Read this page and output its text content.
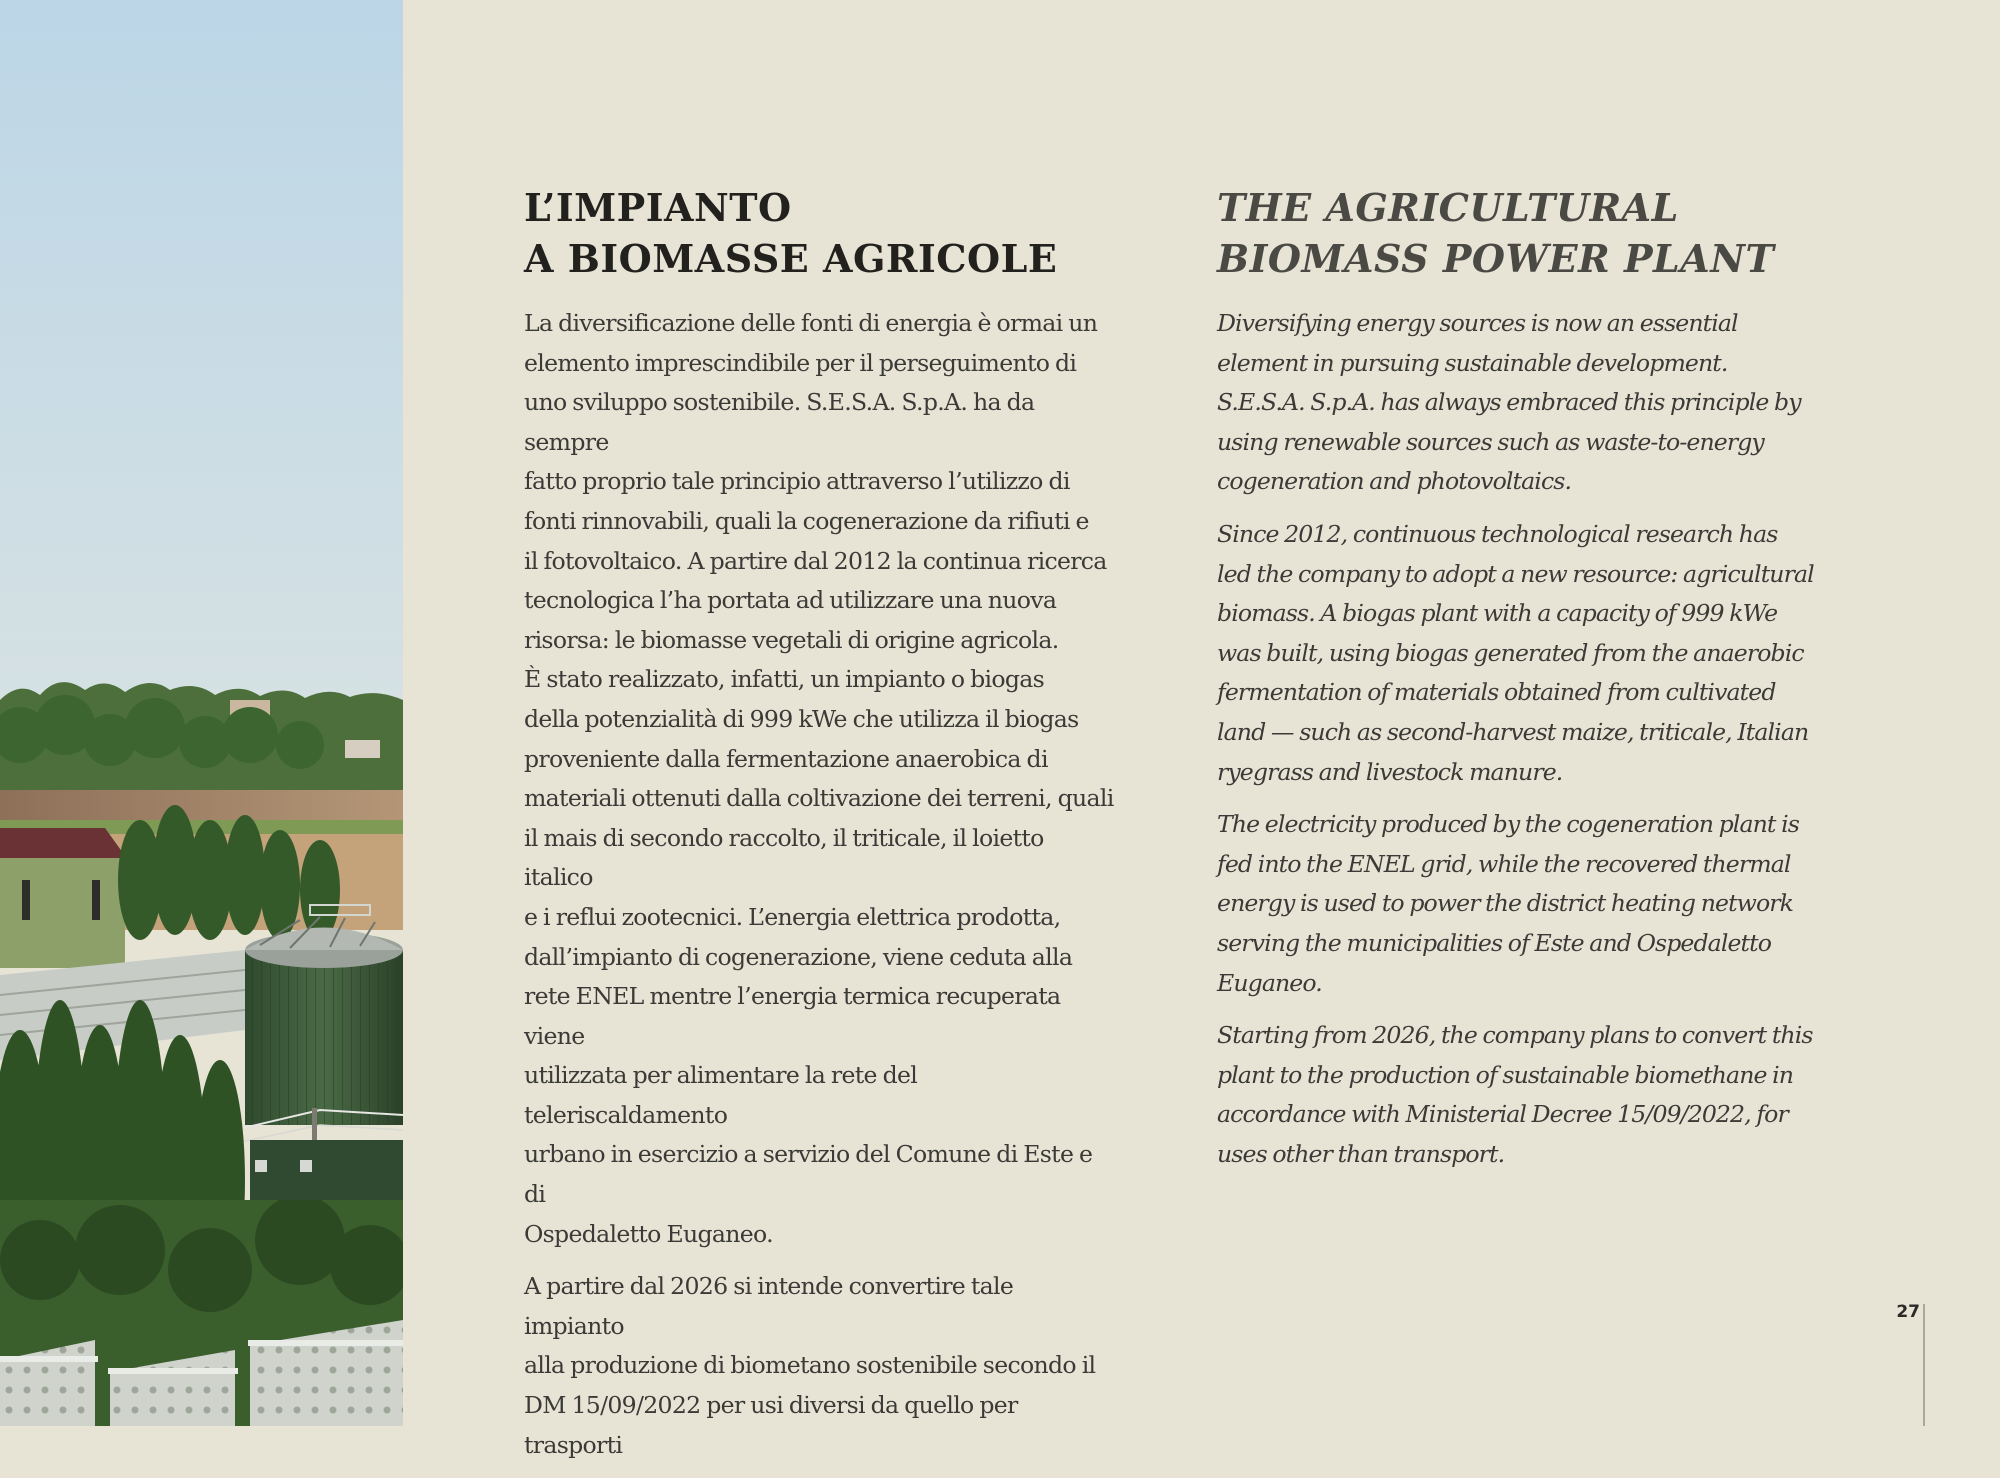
L’IMPIANTO
A BIOMASSE AGRICOLE

La diversificazione delle fonti di energia è ormai un
elemento imprescindibile per il perseguimento di
uno sviluppo sostenibile. S.E.S.A. S.p.A. ha da sempre
fatto proprio tale principio attraverso l’utilizzo di
fonti rinnovabili, quali la cogenerazione da rifiuti e
il fotovoltaico. A partire dal 2012 la continua ricerca
tecnologica l’ha portata ad utilizzare una nuova
risorsa: le biomasse vegetali di origine agricola.
È stato realizzato, infatti, un impianto o biogas
della potenzialità di 999 kWe che utilizza il biogas
proveniente dalla fermentazione anaerobica di
materiali ottenuti dalla coltivazione dei terreni, quali
il mais di secondo raccolto, il triticale, il loietto italico
e i reflui zootecnici. L’energia elettrica prodotta,
dall’impianto di cogenerazione, viene ceduta alla
rete ENEL mentre l’energia termica recuperata viene
utilizzata per alimentare la rete del teleriscaldamento
urbano in esercizio a servizio del Comune di Este e di
Ospedaletto Euganeo.

A partire dal 2026 si intende convertire tale impianto
alla produzione di biometano sostenibile secondo il
DM 15/09/2022 per usi diversi da quello per trasporti

THE AGRICULTURAL
BIOMASS POWER PLANT

Diversifying energy sources is now an essential
element in pursuing sustainable development.
S.E.S.A. S.p.A. has always embraced this principle by
using renewable sources such as waste-to-energy
cogeneration and photovoltaics.

Since 2012, continuous technological research has
led the company to adopt a new resource: agricultural
biomass. A biogas plant with a capacity of 999 kWe
was built, using biogas generated from the anaerobic
fermentation of materials obtained from cultivated
land — such as second-harvest maize, triticale, Italian
ryegrass and livestock manure.

The electricity produced by the cogeneration plant is
fed into the ENEL grid, while the recovered thermal
energy is used to power the district heating network
serving the municipalities of Este and Ospedaletto
Euganeo.

Starting from 2026, the company plans to convert this
plant to the production of sustainable biomethane in
accordance with Ministerial Decree 15/09/2022, for
uses other than transport.

27
